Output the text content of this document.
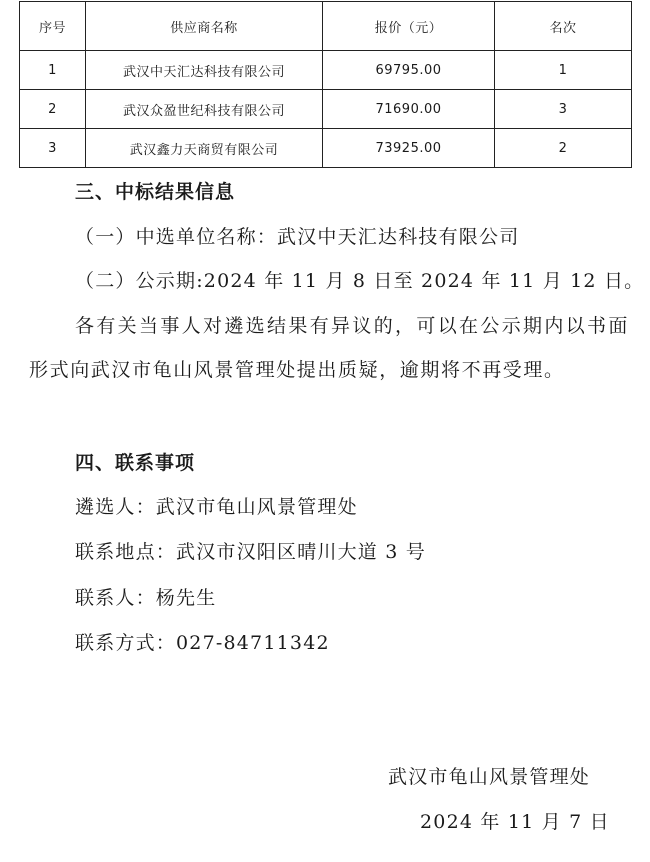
序号	供应商名称	报价（元）	名次
1	武汉中天汇达科技有限公司	69795.00	1
2	武汉众盈世纪科技有限公司	71690.00	3
3	武汉鑫力天商贸有限公司	73925.00	2
三、中标结果信息
（一）中选单位名称：武汉中天汇达科技有限公司
（二）公示期:2024 年 11 月 8 日至 2024 年 11 月 12 日。
各有关当事人对遴选结果有异议的，可以在公示期内以书面形式向武汉市龟山风景管理处提出质疑，逾期将不再受理。
四、联系事项
遴选人：武汉市龟山风景管理处
联系地点：武汉市汉阳区晴川大道 3 号
联系人：杨先生
联系方式：027-84711342
武汉市龟山风景管理处
2024 年 11 月 7 日
